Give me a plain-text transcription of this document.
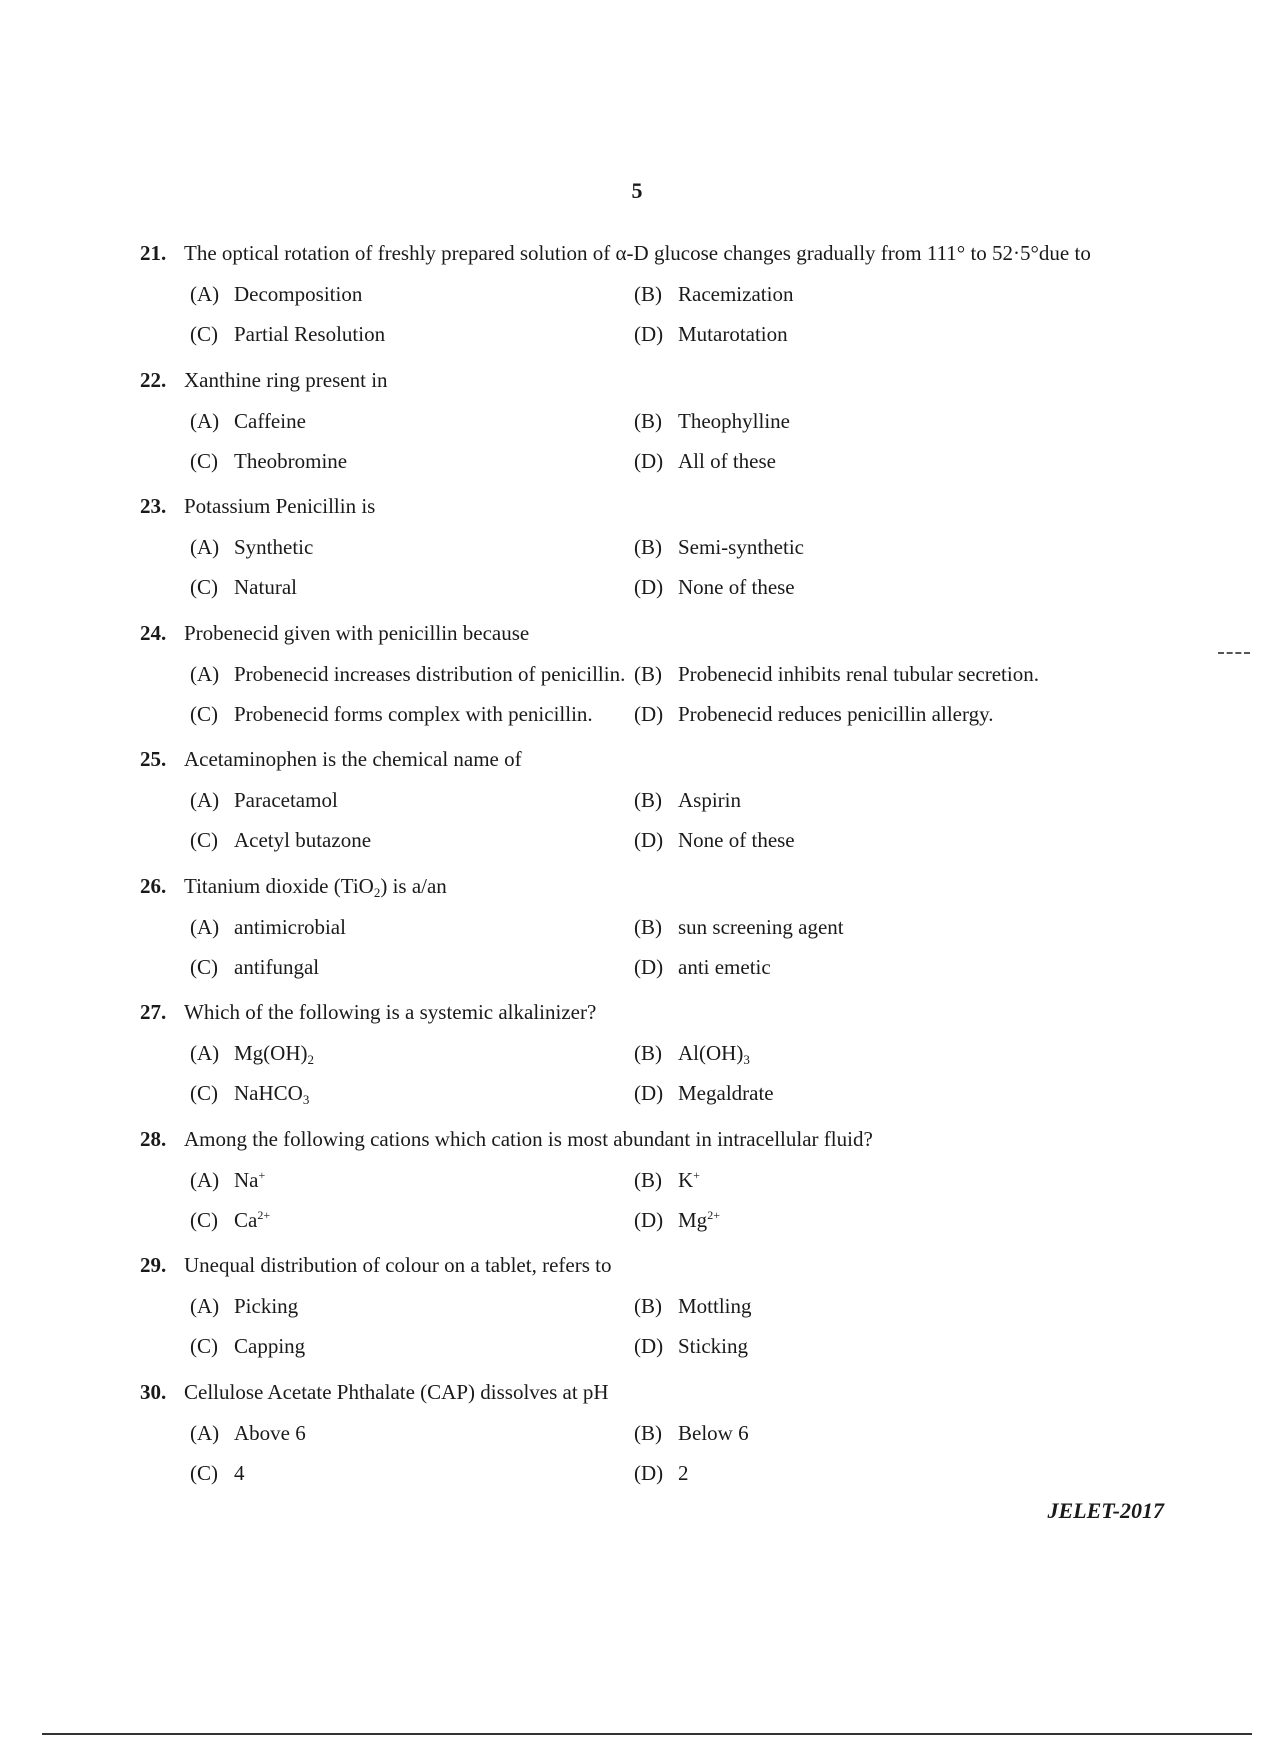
5
21. The optical rotation of freshly prepared solution of α-D glucose changes gradually from 111° to 52·5°due to
(A) Decomposition	(B) Racemization
(C) Partial Resolution	(D) Mutarotation
22. Xanthine ring present in
(A) Caffeine	(B) Theophylline
(C) Theobromine	(D) All of these
23. Potassium Penicillin is
(A) Synthetic	(B) Semi-synthetic
(C) Natural	(D) None of these
24. Probenecid given with penicillin because
(A) Probenecid increases distribution of penicillin. (B) Probenecid inhibits renal tubular secretion.
(C) Probenecid forms complex with penicillin.	(D) Probenecid reduces penicillin allergy.
25. Acetaminophen is the chemical name of
(A) Paracetamol	(B) Aspirin
(C) Acetyl butazone	(D) None of these
26. Titanium dioxide (TiO$_2$) is a/an
(A) antimicrobial	(B) sun screening agent
(C) antifungal	(D) anti emetic
27. Which of the following is a systemic alkalinizer?
(A) $Mg(OH)_2$	(B) $Al(OH)_3$
(C) NaHCO$_3$	(D) Megaldrate
28. Among the following cations which cation is most abundant in intracellular fluid?
(A) Na+	(B) K+
(C) $Ca^{2+}$	(D) $Mg^{2+}$
29. Unequal distribution of colour on a tablet, refers to
(A) Picking	(B) Mottling
(C) Capping	(D) Sticking
30. Cellulose Acetate Phthalate (CAP) dissolves at pH
(A) Above 6	(B) Below 6
(C) 4	(D) 2
JELET-2017
